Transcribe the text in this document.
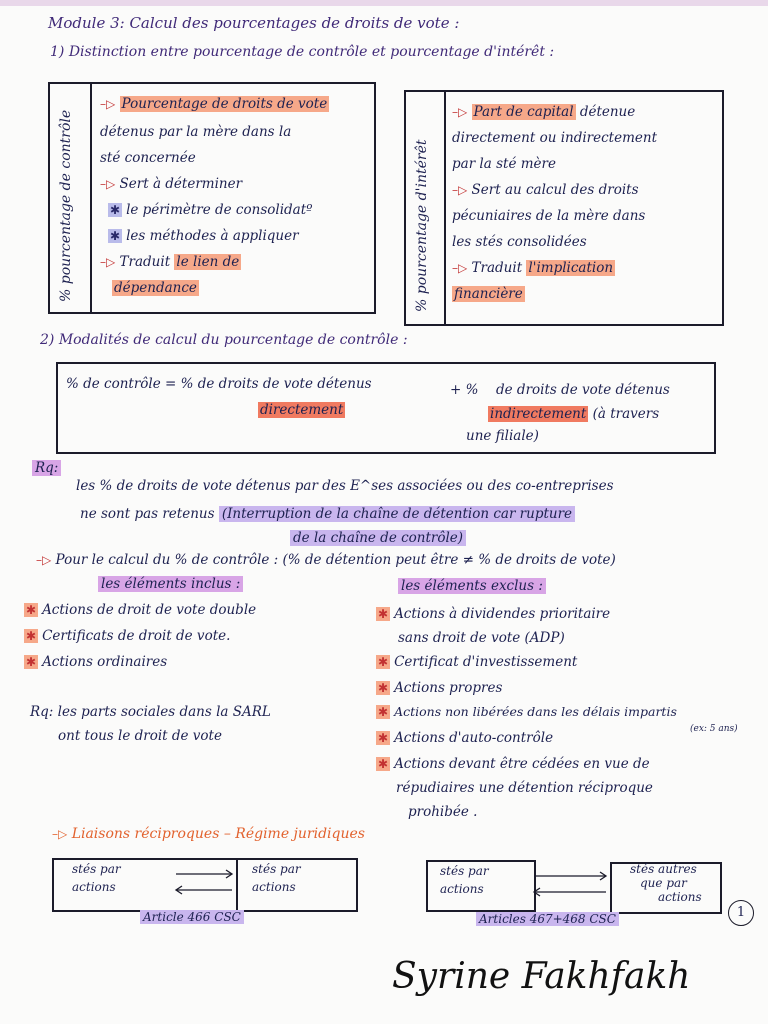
Module 3: Calcul des pourcentages de droits de vote :
1) Distinction entre pourcentage de contrôle et pourcentage d'intérêt :
% pourcentage de contrôle
–▷ Pourcentage de droits de vote
détenus par la mère dans la
sté concernée
–▷ Sert à déterminer
✱ le périmètre de consolidatº
✱ les méthodes à appliquer
–▷ Traduit le lien de
dépendance	% pourcentage d'intérêt
–▷ Part de capital détenue
directement ou indirectement
par la sté mère
–▷ Sert au calcul des droits
pécuniaires de la mère dans
les stés consolidées
–▷ Traduit l'implication
financière
2) Modalités de calcul du pourcentage de contrôle :
% de contrôle = % de droits de vote détenus
directement
+ % de droits de vote détenus
indirectement (à travers
une filiale)
Rq:
les % de droits de vote détenus par des E^ses associées ou des co-entreprises
ne sont pas retenus (Interruption de la chaîne de détention car rupture
de la chaîne de contrôle)
–▷ Pour le calcul du % de contrôle : (% de détention peut être ≠ % de droits de vote)
les éléments inclus :	les éléments exclus :
✱ Actions de droit de vote double
✱ Certificats de droit de vote.
✱ Actions ordinaires
✱ Actions à dividendes prioritaire
sans droit de vote (ADP)
✱ Certificat d'investissement
✱ Actions propres
✱ Actions non libérées dans les délais impartis
(ex: 5 ans)
✱ Actions d'auto-contrôle
✱ Actions devant être cédées en vue de
répudiaires une détention réciproque
prohibée .
Rq: les parts sociales dans la SARL
ont tous le droit de vote
–▷ Liaisons réciproques – Régime juridiques
stés par
actions
stés par
actions
Article 466 CSC
stés par
actions
stés autres
que par
actions
Articles 467+468 CSC	1
Syrine Fakhfakh
